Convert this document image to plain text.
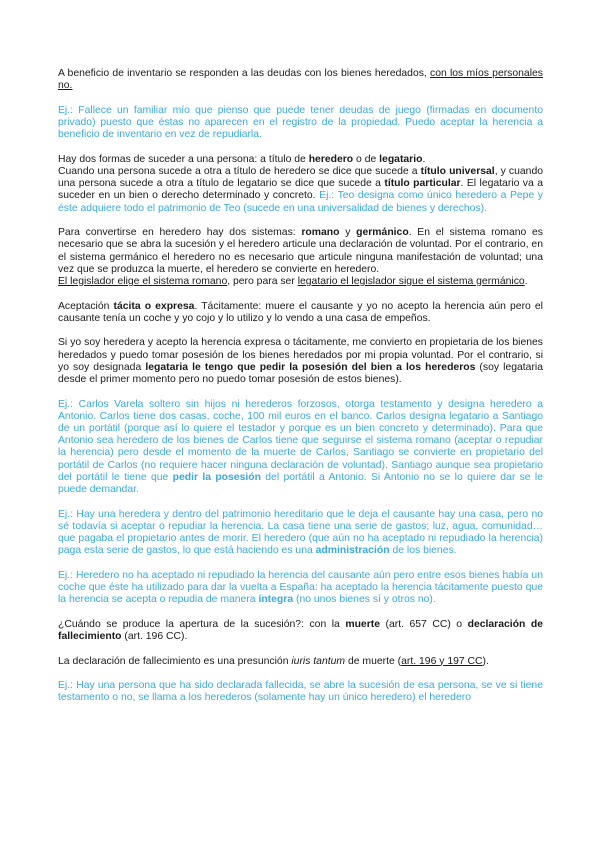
A beneficio de inventario se responden a las deudas con los bienes heredados, con los míos personales no.

Ej.: Fallece un familiar mío que pienso que puede tener deudas de juego (firmadas en documento privado) puesto que éstas no aparecen en el registro de la propiedad. Puedo aceptar la herencia a beneficio de inventario en vez de repudiarla.

Hay dos formas de suceder a una persona: a título de heredero o de legatario.
Cuando una persona sucede a otra a título de heredero se dice que sucede a título universal, y cuando una persona sucede a otra a título de legatario se dice que sucede a título particular. El legatario va a suceder en un bien o derecho determinado y concreto. Ej.: Teo designa como único heredero a Pepe y éste adquiere todo el patrimonio de Teo (sucede en una universalidad de bienes y derechos).

Para convertirse en heredero hay dos sistemas: romano y germánico. En el sistema romano es necesario que se abra la sucesión y el heredero articule una declaración de voluntad. Por el contrario, en el sistema germánico el heredero no es necesario que articule ninguna manifestación de voluntad; una vez que se produzca la muerte, el heredero se convierte en heredero.
El legislador elige el sistema romano, pero para ser legatario el legislador sigue el sistema germánico.

Aceptación tácita o expresa. Tácitamente: muere el causante y yo no acepto la herencia aún pero el causante tenía un coche y yo cojo y lo utilizo y lo vendo a una casa de empeños.

Si yo soy heredera y acepto la herencia expresa o tácitamente, me convierto en propietaria de los bienes heredados y puedo tomar posesión de los bienes heredados por mi propia voluntad. Por el contrario, si yo soy designada legataria le tengo que pedir la posesión del bien a los herederos (soy legataria desde el primer momento pero no puedo tomar posesión de estos bienes).

Ej.: Carlos Varela soltero sin hijos ni herederos forzosos, otorga testamento y designa heredero a Antonio. Carlos tiene dos casas, coche, 100 mil euros en el banco. Carlos designa legatario a Santiago de un portátil (porque así lo quiere el testador y porque es un bien concreto y determinado). Para que Antonio sea heredero de los bienes de Carlos tiene que seguirse el sistema romano (aceptar o repudiar la herencia) pero desde el momento de la muerte de Carlos, Santiago se convierte en propietario del portátil de Carlos (no requiere hacer ninguna declaración de voluntad). Santiago aunque sea propietario del portátil le tiene que pedir la posesión del portátil a Antonio. Si Antonio no se lo quiere dar se le puede demandar.

Ej.: Hay una heredera y dentro del patrimonio hereditario que le deja el causante hay una casa, pero no sé todavía si aceptar o repudiar la herencia. La casa tiene una serie de gastos; luz, agua, comunidad… que pagaba el propietario antes de morir. El heredero (que aún no ha aceptado ni repudiado la herencia) paga esta serie de gastos, lo que está haciendo es una administración de los bienes.

Ej.: Heredero no ha aceptado ni repudiado la herencia del causante aún pero entre esos bienes había un coche que éste ha utilizado para dar la vuelta a España: ha aceptado la herencia tácitamente puesto que la herencia se acepta o repudia de manera íntegra (no unos bienes sí y otros no).

¿Cuándo se produce la apertura de la sucesión?: con la muerte (art. 657 CC) o declaración de fallecimiento (art. 196 CC).

La declaración de fallecimiento es una presunción iuris tantum de muerte (art. 196 y 197 CC).

Ej.: Hay una persona que ha sido declarada fallecida, se abre la sucesión de esa persona, se ve si tiene testamento o no, se llama a los herederos (solamente hay un único heredero) el heredero
